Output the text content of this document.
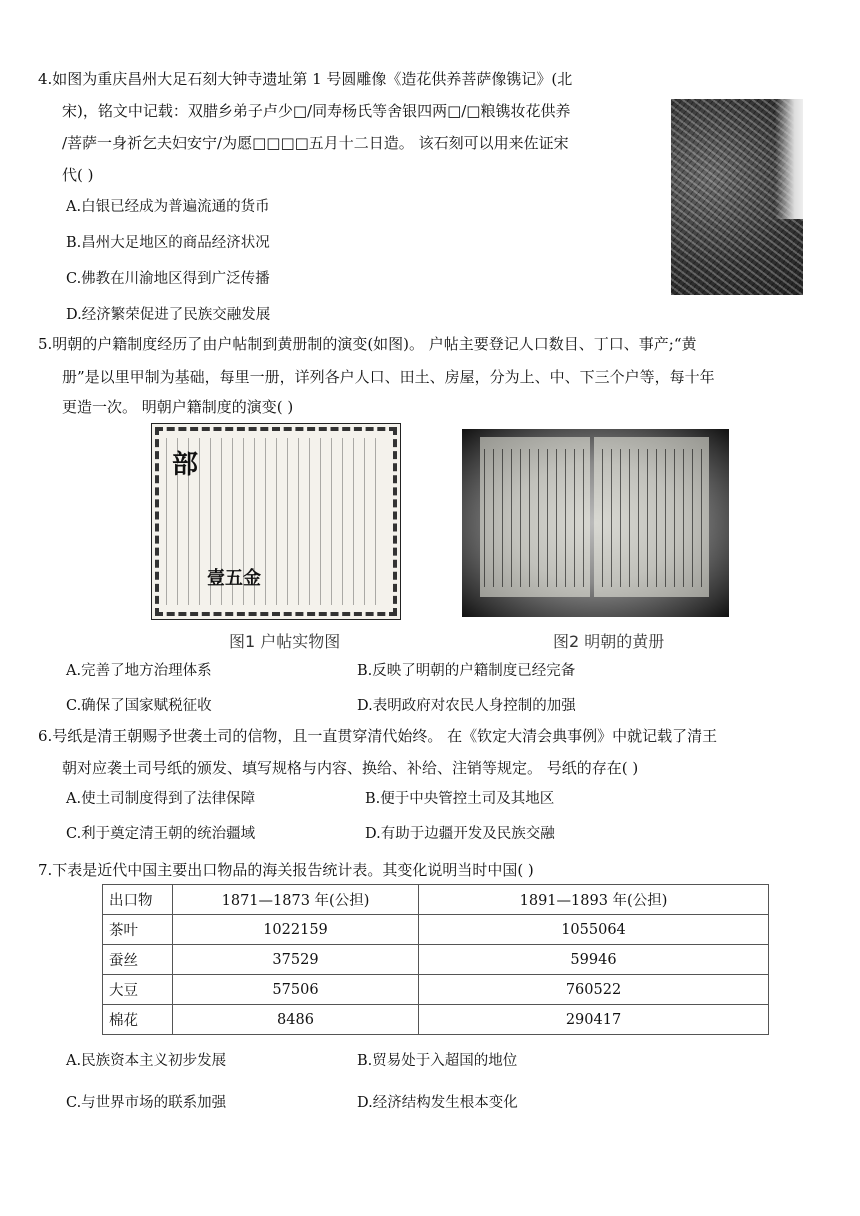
4.如图为重庆昌州大足石刻大钟寺遗址第 1 号圆雕像《造花供养菩萨像镌记》(北
宋)，铭文中记载：双腊乡弟子卢少□/同寿杨氏等舍银四两□/□粮镌妆花供养
/菩萨一身祈乞夫妇安宁/为愿□□□□五月十二日造。 该石刻可以用来佐证宋
代( )
A.白银已经成为普遍流通的货币
B.昌州大足地区的商品经济状况
C.佛教在川渝地区得到广泛传播
D.经济繁荣促进了民族交融发展
5.明朝的户籍制度经历了由户帖制到黄册制的演变(如图)。 户帖主要登记人口数目、丁口、事产;“黄
册”是以里甲制为基础，每里一册，详列各户人口、田土、房屋，分为上、中、下三个户等，每十年
更造一次。 明朝户籍制度的演变( )
部
壹五金
图1 户帖实物图	图2 明朝的黄册
A.完善了地方治理体系	B.反映了明朝的户籍制度已经完备
C.确保了国家赋税征收	D.表明政府对农民人身控制的加强
6.号纸是清王朝赐予世袭土司的信物，且一直贯穿清代始终。 在《钦定大清会典事例》中就记载了清王
朝对应袭土司号纸的颁发、填写规格与内容、换给、补给、注销等规定。 号纸的存在( )
A.使土司制度得到了法律保障	B.便于中央管控土司及其地区
C.利于奠定清王朝的统治疆域	D.有助于边疆开发及民族交融
7.下表是近代中国主要出口物品的海关报告统计表。其变化说明当时中国( )
出口物	1871—1873 年(公担)	1891—1893 年(公担)
茶叶	1022159	1055064
蚕丝	37529	59946
大豆	57506	760522
棉花	8486	290417
A.民族资本主义初步发展	B.贸易处于入超国的地位
C.与世界市场的联系加强	D.经济结构发生根本变化
